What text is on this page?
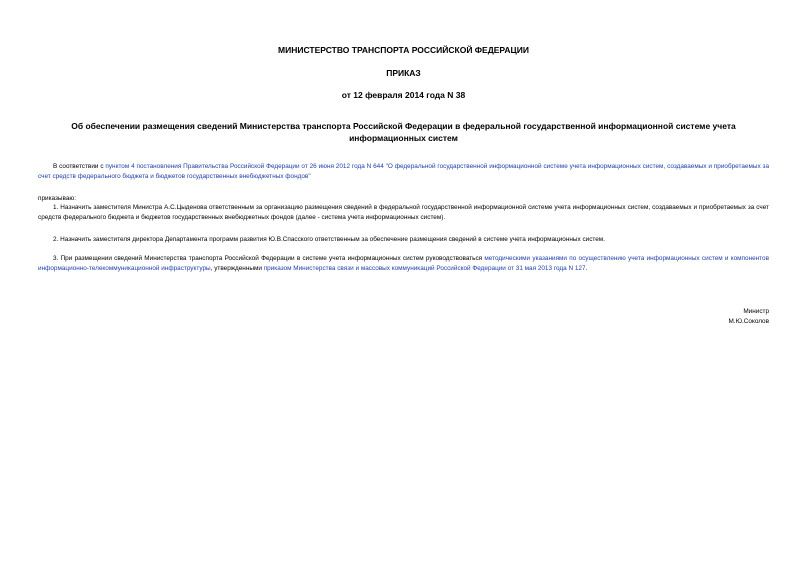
МИНИСТЕРСТВО ТРАНСПОРТА РОССИЙСКОЙ ФЕДЕРАЦИИ
ПРИКАЗ
от 12 февраля 2014 года N 38
Об обеспечении размещения сведений Министерства транспорта Российской Федерации в федеральной государственной информационной системе учета информационных систем
В соответствии с пунктом 4 постановления Правительства Российской Федерации от 26 июня 2012 года N 644 "О федеральной государственной информационной системе учета информационных систем, создаваемых и приобретаемых за счет средств федерального бюджета и бюджетов государственных внебюджетных фондов"
приказываю:
1. Назначить заместителя Министра А.С.Цыденова ответственным за организацию размещения сведений в федеральной государственной информационной системе учета информационных систем, создаваемых и приобретаемых за счет средств федерального бюджета и бюджетов государственных внебюджетных фондов (далее - система учета информационных систем).
2. Назначить заместителя директора Департамента программ развития Ю.В.Спасского ответственным за обеспечение размещения сведений в системе учета информационных систем.
3. При размещении сведений Министерства транспорта Российской Федерации в системе учета информационных систем руководствоваться методическими указаниями по осуществлению учета информационных систем и компонентов информационно-телекоммуникационной инфраструктуры, утвержденными приказом Министерства связи и массовых коммуникаций Российской Федерации от 31 мая 2013 года N 127.
Министр
М.Ю.Соколов
